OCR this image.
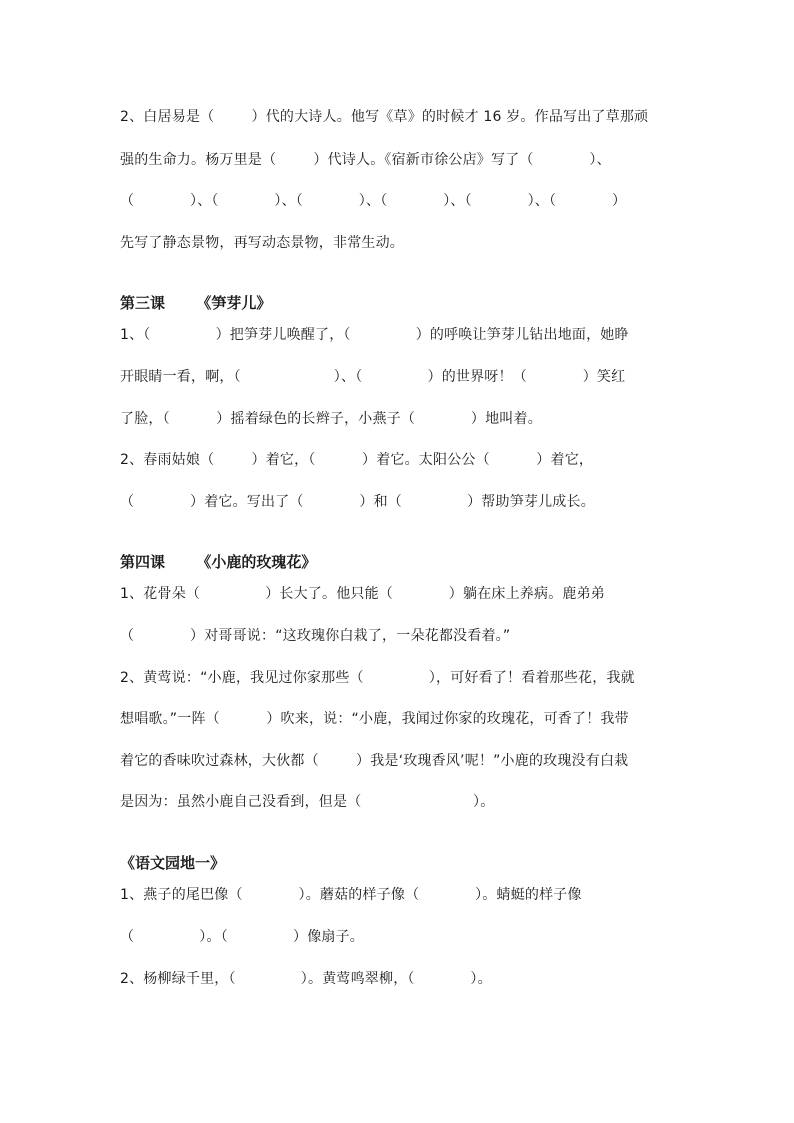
2、白居易是（        ）代的大诗人。他写《草》的时候才 16 岁。作品写出了草那顽
强的生命力。杨万里是（        ）代诗人。《宿新市徐公店》写了（            ）、
（            ）、（            ）、（            ）、（            ）、（            ）、（            ）
先写了静态景物，再写动态景物，非常生动。
第三课      《笋芽儿》
1、（              ）把笋芽儿唤醒了，（              ）的呼唤让笋芽儿钻出地面，她睁
开眼睛一看，啊，（                    ）、（              ）的世界呀！（            ）笑红
了脸，（          ）摇着绿色的长辫子，小燕子（            ）地叫着。
2、春雨姑娘（        ）着它，（          ）着它。太阳公公（          ）着它，
（            ）着它。写出了（            ）和（              ）帮助笋芽儿成长。
第四课      《小鹿的玫瑰花》
1、花骨朵（              ）长大了。他只能（            ）躺在床上养病。鹿弟弟
（            ）对哥哥说：“这玫瑰你白栽了，一朵花都没看着。”
2、黄莺说：“小鹿，我见过你家那些（              ），可好看了！看着那些花，我就
想唱歌。”一阵（          ）吹来，说：“小鹿，我闻过你家的玫瑰花，可香了！我带
着它的香味吹过森林，大伙都（        ）我是‘玫瑰香风’呢！”小鹿的玫瑰没有白栽
是因为：虽然小鹿自己没看到，但是（                        ）。
《语文园地一》
1、燕子的尾巴像（            ）。蘑菇的样子像（            ）。蜻蜓的样子像
（              ）。（              ）像扇子。
2、杨柳绿千里，（              ）。黄莺鸣翠柳，（            ）。
